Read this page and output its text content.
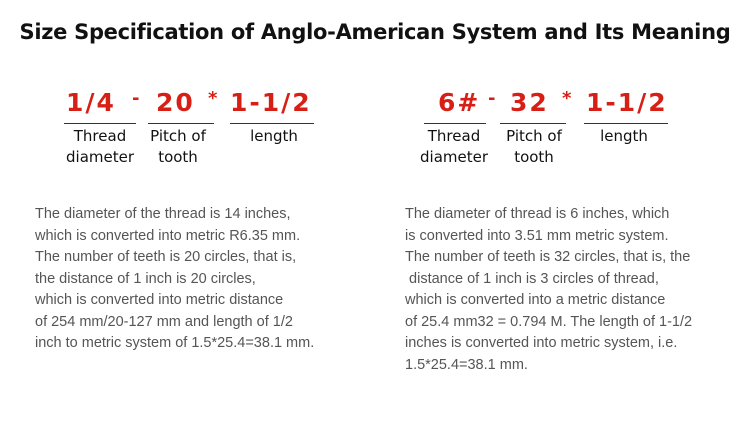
Size Specification of Anglo-American System and Its Meaning
1/4 - 20 * 1-1/2
Thread
diameter
Pitch of
tooth
length
6# - 32 * 1-1/2
Thread
diameter
Pitch of
tooth
length
The diameter of the thread is 14 inches,
which is converted into metric R6.35 mm.
The number of teeth is 20 circles, that is,
the distance of 1 inch is 20 circles,
which is converted into metric distance
of 254 mm/20-127 mm and length of 1/2
inch to metric system of 1.5*25.4=38.1 mm.
The diameter of thread is 6 inches, which
is converted into 3.51 mm metric system.
The number of teeth is 32 circles, that is, the
distance of 1 inch is 3 circles of thread,
which is converted into a metric distance
of 25.4 mm32 = 0.794 M. The length of 1-1/2
inches is converted into metric system, i.e.
1.5*25.4=38.1 mm.
